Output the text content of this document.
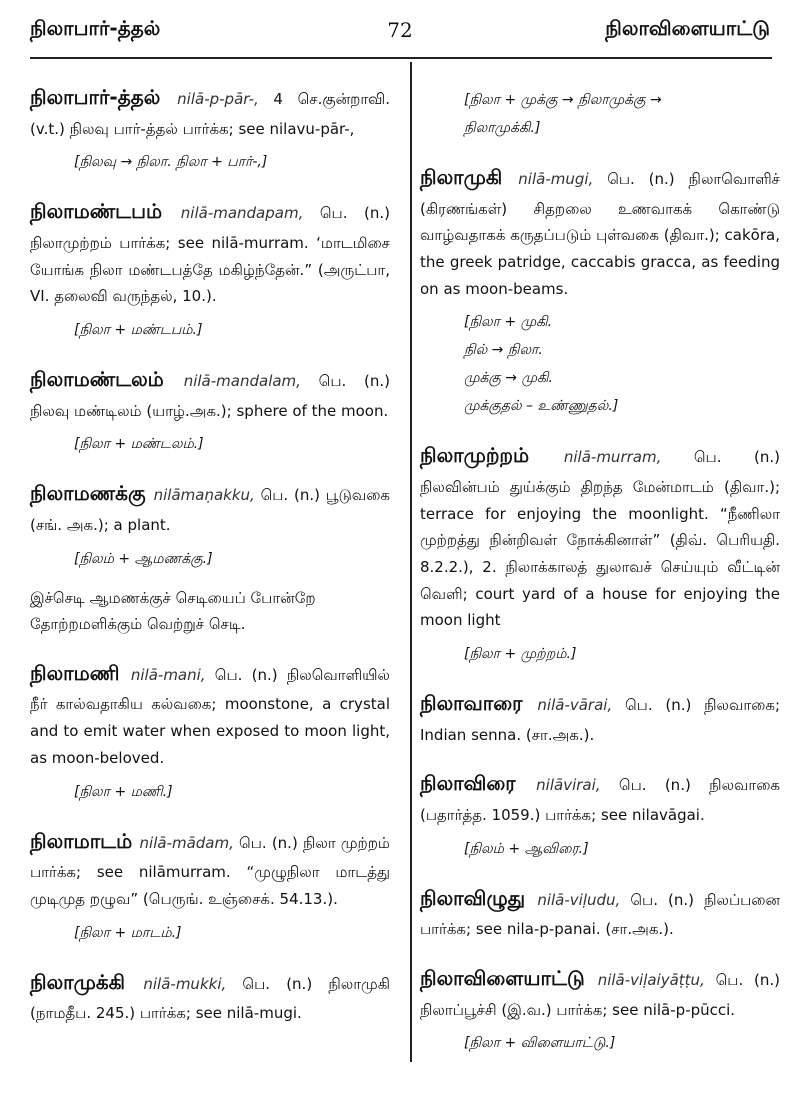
நிலாபார்-த்தல்	72	நிலாவிளையாட்டு

நிலாபார்-த்தல் nilā-p-pār-, 4 செ.குன்றாவி. (v.t.) நிலவு பார்-த்தல் பார்க்க; see nilavu-pār-,

[நிலவு → நிலா. நிலா + பார்-,]

நிலாமண்டபம் nilā-mandapam, பெ. (n.) நிலாமுற்றம் பார்க்க; see nilā-murram. ‘மாடமிசை யோங்க நிலா மண்டபத்தே மகிழ்ந்தேன்.” (அருட்பா, VI. தலைவி வருந்தல், 10.).

[நிலா + மண்டபம்.]

நிலாமண்டலம் nilā-mandalam, பெ. (n.) நிலவு மண்டிலம் (யாழ்.அக.); sphere of the moon.

[நிலா + மண்டலம்.]

நிலாமணக்கு nilāmaṇakku, பெ. (n.) பூடுவகை (சங். அக.); a plant.

[நிலம் + ஆமணக்கு.]
இச்செடி ஆமணக்குச் செடியைப் போன்றே தோற்றமளிக்கும் வெற்றுச் செடி.

நிலாமணி nilā-mani, பெ. (n.) நிலவொளியில் நீர் கால்வதாகிய கல்வகை; moonstone, a crystal and to emit water when exposed to moon light, as moon-beloved.

[நிலா + மணி.]

நிலாமாடம் nilā-mādam, பெ. (n.) நிலா முற்றம் பார்க்க; see nilāmurram. “முழுநிலா மாடத்து முடிமுத றழுவ” (பெருங். உஞ்சைக். 54.13.).

[நிலா + மாடம்.]

நிலாமுக்கி nilā-mukki, பெ. (n.) நிலாமுகி (நாமதீப. 245.) பார்க்க; see nilā-mugi.

[நிலா + முக்கு → நிலாமுக்கு →
நிலாமுக்கி.]

நிலாமுகி nilā-mugi, பெ. (n.) நிலாவொளிச் (கிரணங்கள்) சிதறலை உணவாகக் கொண்டு வாழ்வதாகக் கருதப்படும் புள்வகை (திவா.); cakōra, the greek patridge, caccabis gracca, as feeding on as moon-beams.

[நிலா + முகி.
நில் → நிலா.
முக்கு → முகி.
முக்குதல் – உண்ணுதல்.]

நிலாமுற்றம் nilā-murram, பெ. (n.) நிலவின்பம் துய்க்கும் திறந்த மேன்மாடம் (திவா.); terrace for enjoying the moonlight. “நீணிலா முற்றத்து நின்றிவள் நோக்கினாள்” (திவ். பெரியதி. 8.2.2.), 2. நிலாக்காலத் துலாவச் செய்யும் வீட்டின் வெளி; court yard of a house for enjoying the moon light

[நிலா + முற்றம்.]

நிலாவாரை nilā-vārai, பெ. (n.) நிலவாகை; Indian senna. (சா.அக.).

நிலாவிரை nilāvirai, பெ. (n.) நிலவாகை (பதார்த்த. 1059.) பார்க்க; see nilavāgai.

[நிலம் + ஆவிரை.]

நிலாவிழுது nilā-viḷudu, பெ. (n.) நிலப்பனை பார்க்க; see nila-p-panai. (சா.அக.).

நிலாவிளையாட்டு nilā-viḷaiyāṭṭu, பெ. (n.) நிலாப்பூச்சி (இ.வ.) பார்க்க; see nilā-p-pūcci.

[நிலா + விளையாட்டு.]
